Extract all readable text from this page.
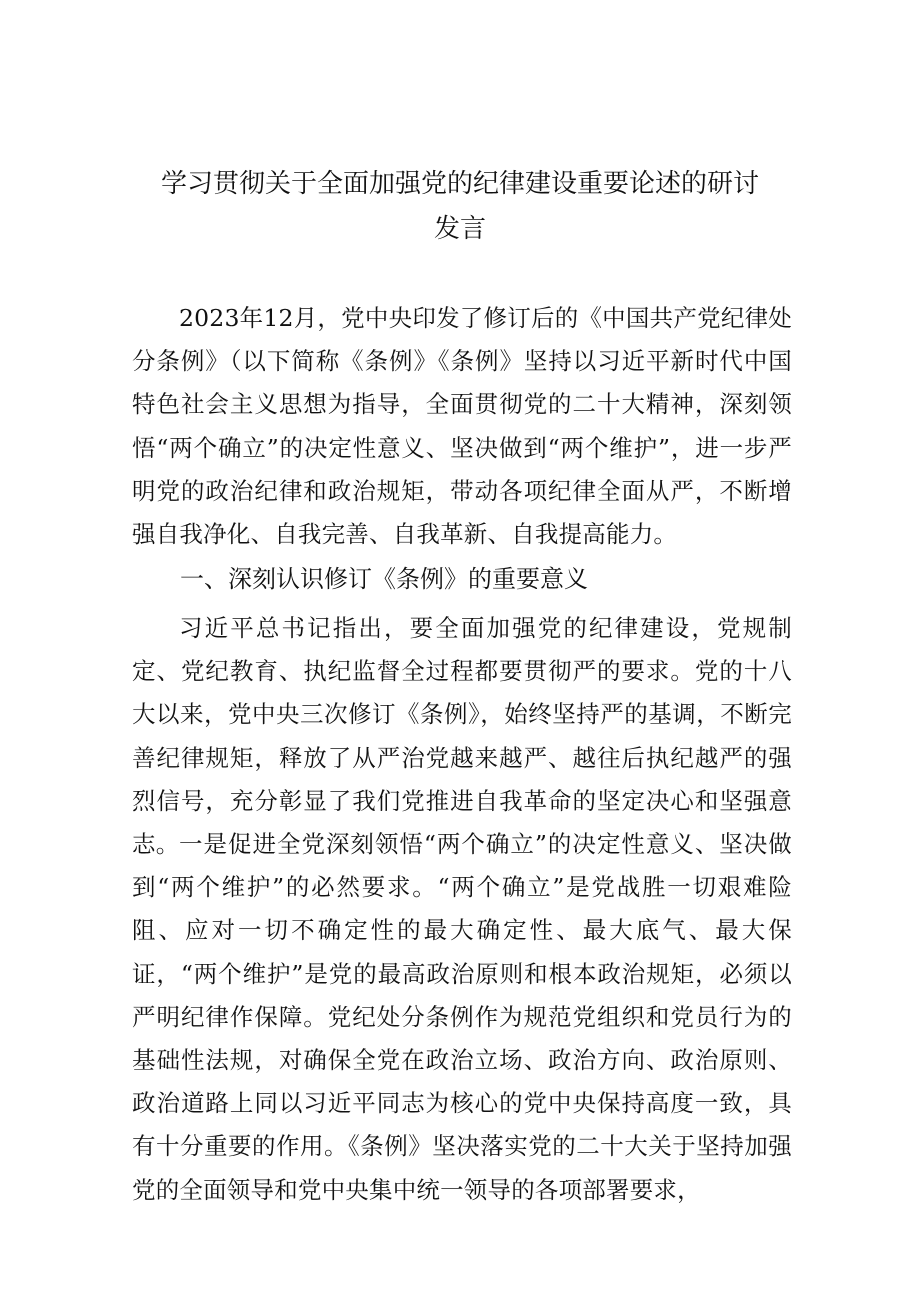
学习贯彻关于全面加强党的纪律建设重要论述的研讨
发言

2023年12月，党中央印发了修订后的《中国共产党纪律处分条例》（以下简称《条例》《条例》坚持以习近平新时代中国特色社会主义思想为指导，全面贯彻党的二十大精神，深刻领悟“两个确立”的决定性意义、坚决做到“两个维护”，进一步严明党的政治纪律和政治规矩，带动各项纪律全面从严，不断增强自我净化、自我完善、自我革新、自我提高能力。

一、深刻认识修订《条例》的重要意义

习近平总书记指出，要全面加强党的纪律建设，党规制定、党纪教育、执纪监督全过程都要贯彻严的要求。党的十八大以来，党中央三次修订《条例》，始终坚持严的基调，不断完善纪律规矩，释放了从严治党越来越严、越往后执纪越严的强烈信号，充分彰显了我们党推进自我革命的坚定决心和坚强意志。 一是促进全党深刻领悟“两个确立”的决定性意义、坚决做到“两个维护”的必然要求。“两个确立”是党战胜一切艰难险阻、应对一切不确定性的最大确定性、最大底气、最大保证，“两个维护”是党的最高政治原则和根本政治规矩，必须以严明纪律作保障。党纪处分条例作为规范党组织和党员行为的基础性法规，对确保全党在政治立场、政治方向、政治原则、政治道路上同以习近平同志为核心的党中央保持高度一致，具有十分重要的作用。《条例》坚决落实党的二十大关于坚持加强党的全面领导和党中央集中统一领导的各项部署要求，
